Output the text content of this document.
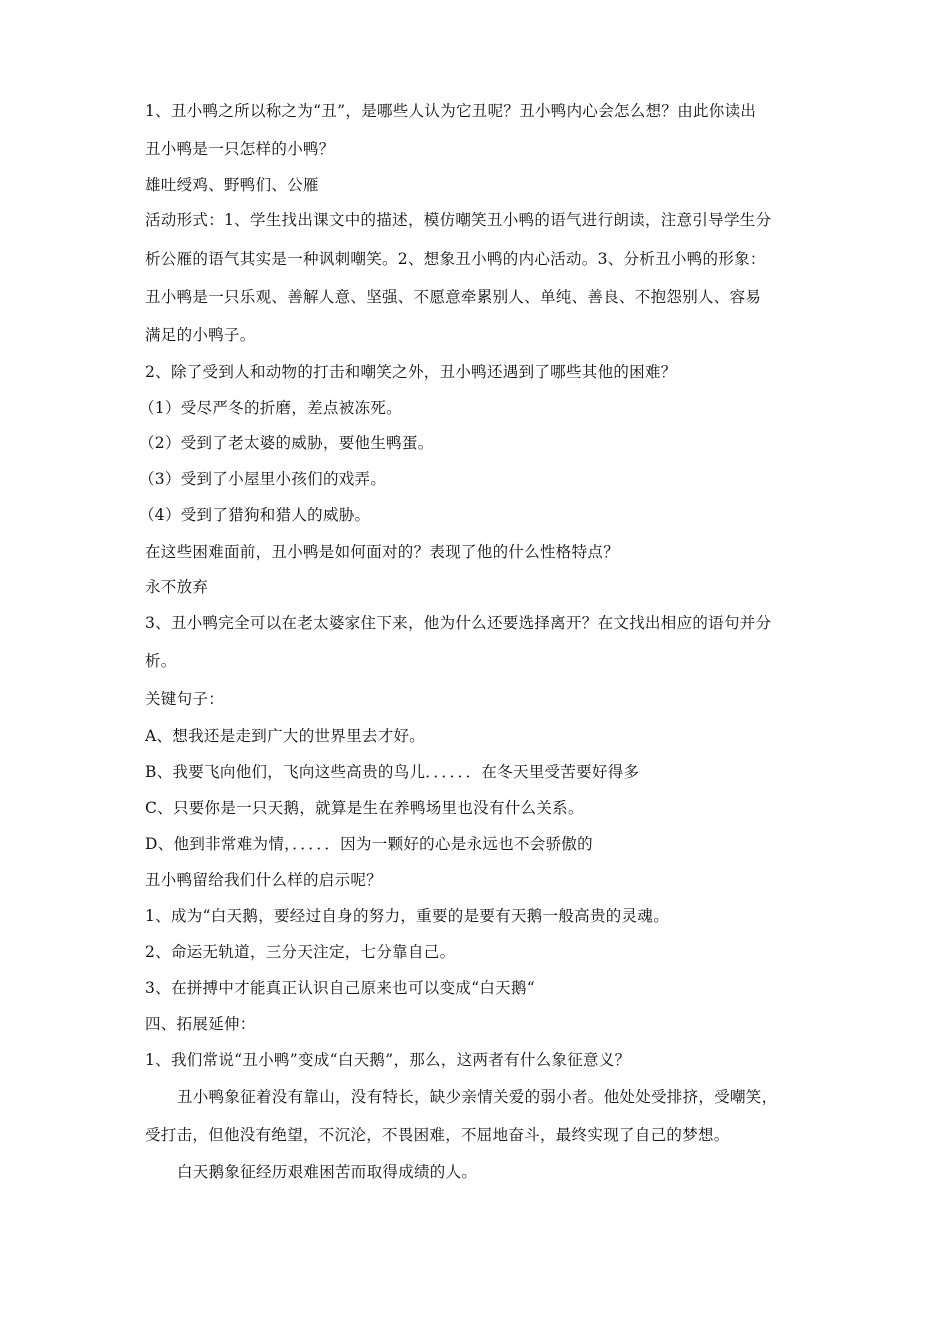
1、丑小鸭之所以称之为“丑”，是哪些人认为它丑呢？丑小鸭内心会怎么想？由此你读出
丑小鸭是一只怎样的小鸭？
雄吐绶鸡、野鸭们、公雁
活动形式：1、学生找出课文中的描述，模仿嘲笑丑小鸭的语气进行朗读，注意引导学生分
析公雁的语气其实是一种讽刺嘲笑。2、想象丑小鸭的内心活动。3、分析丑小鸭的形象：
丑小鸭是一只乐观、善解人意、坚强、不愿意牵累别人、单纯、善良、不抱怨别人、容易
满足的小鸭子。
2、除了受到人和动物的打击和嘲笑之外，丑小鸭还遇到了哪些其他的困难？
（1）受尽严冬的折磨，差点被冻死。
（2）受到了老太婆的威胁，要他生鸭蛋。
（3）受到了小屋里小孩们的戏弄。
（4）受到了猎狗和猎人的威胁。
在这些困难面前，丑小鸭是如何面对的？表现了他的什么性格特点？
永不放弃
3、丑小鸭完全可以在老太婆家住下来，他为什么还要选择离开？在文找出相应的语句并分
析。
关键句子：
A、想我还是走到广大的世界里去才好。
B、我要飞向他们，飞向这些高贵的鸟儿．．．．．．在冬天里受苦要好得多
C、只要你是一只天鹅，就算是生在养鸭场里也没有什么关系。
D、他到非常难为情，．．．．．因为一颗好的心是永远也不会骄傲的
丑小鸭留给我们什么样的启示呢？
1、成为“白天鹅，要经过自身的努力，重要的是要有天鹅一般高贵的灵魂。
2、命运无轨道，三分天注定，七分靠自己。
3、在拼搏中才能真正认识自己原来也可以变成“白天鹅“
四、拓展延伸：
1、我们常说“丑小鸭”变成“白天鹅”，那么，这两者有什么象征意义？
丑小鸭象征着没有靠山，没有特长，缺少亲情关爱的弱小者。他处处受排挤，受嘲笑，
受打击，但他没有绝望，不沉沦，不畏困难，不屈地奋斗，最终实现了自己的梦想。
白天鹅象征经历艰难困苦而取得成绩的人。
